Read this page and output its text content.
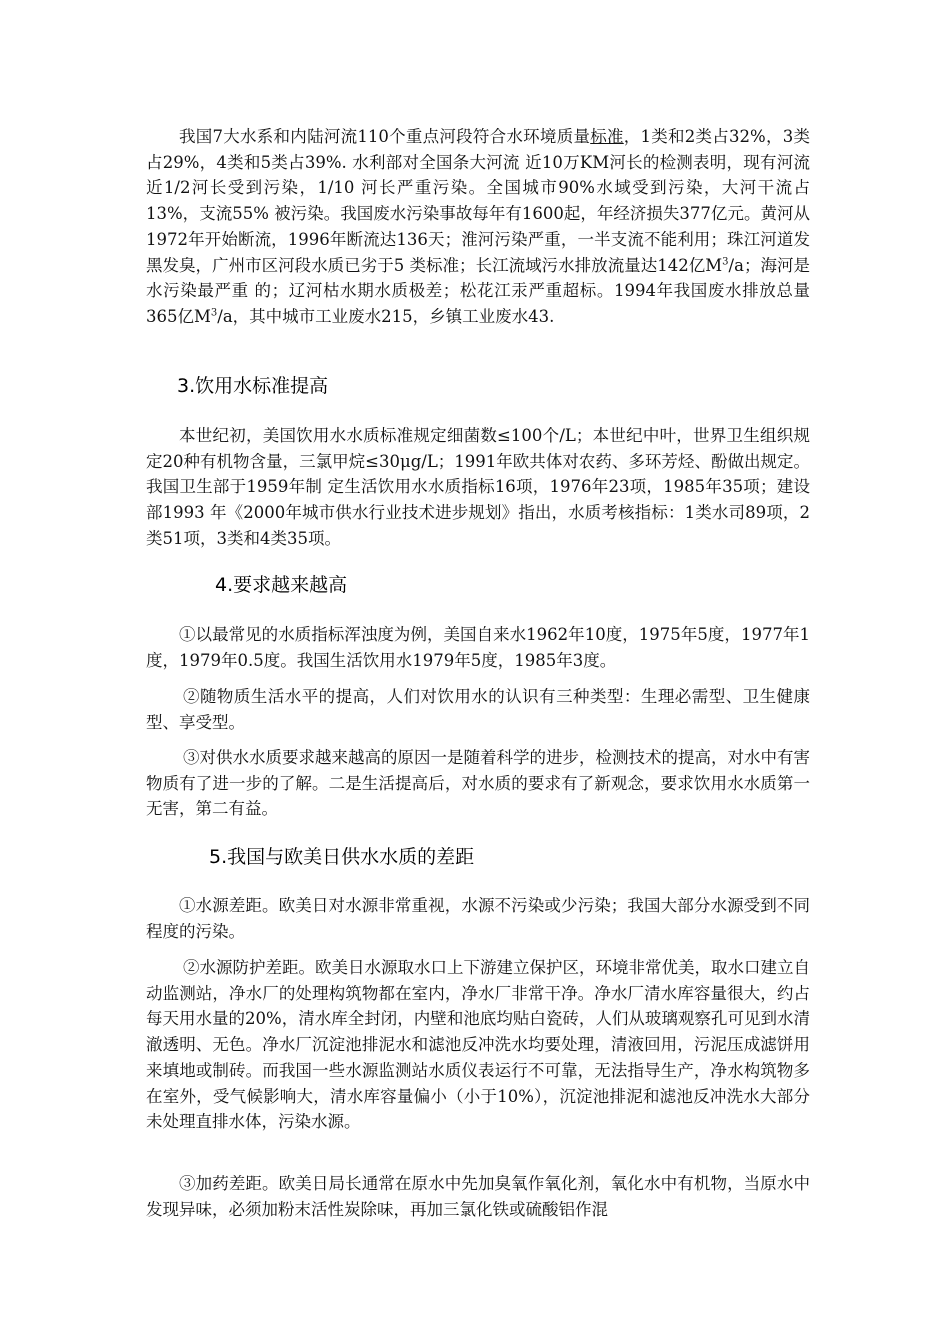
我国7大水系和内陆河流110个重点河段符合水环境质量标准，1类和2类占32%，3类占29%，4类和5类占39%. 水利部对全国条大河流 近10万KM河长的检测表明，现有河流近1/2河长受到污染，1/10 河长严重污染。全国城市90%水域受到污染，大河干流占13%，支流55% 被污染。我国废水污染事故每年有1600起，年经济损失377亿元。黄河从1972年开始断流，1996年断流达136天；淮河污染严重，一半支流不能利用；珠江河道发黑发臭，广州市区河段水质已劣于5 类标准；长江流域污水排放流量达142亿$M^3/a$；海河是水污染最严重 的；辽河枯水期水质极差；松花江汞严重超标。1994年我国废水排放总量365亿$M^3/a$，其中城市工业废水215，乡镇工业废水43.

3.饮用水标准提高

本世纪初，美国饮用水水质标准规定细菌数≤100个/L；本世纪中叶，世界卫生组织规定20种有机物含量，三氯甲烷≤30μg/L；1991年欧共体对农药、多环芳烃、酚做出规定。我国卫生部于1959年制 定生活饮用水水质指标16项，1976年23项，1985年35项；建设部1993 年《2000年城市供水行业技术进步规划》指出，水质考核指标：1类水司89项，2类51项，3类和4类35项。

4.要求越来越高

①以最常见的水质指标浑浊度为例，美国自来水1962年10度，1975年5度，1977年1度，1979年0.5度。我国生活饮用水1979年5度，1985年3度。

②随物质生活水平的提高，人们对饮用水的认识有三种类型：生理必需型、卫生健康型、享受型。

③对供水水质要求越来越高的原因一是随着科学的进步，检测技术的提高，对水中有害物质有了进一步的了解。二是生活提高后，对水质的要求有了新观念，要求饮用水水质第一无害，第二有益。

5.我国与欧美日供水水质的差距

①水源差距。欧美日对水源非常重视，水源不污染或少污染；我国大部分水源受到不同程度的污染。

②水源防护差距。欧美日水源取水口上下游建立保护区，环境非常优美，取水口建立自动监测站，净水厂的处理构筑物都在室内，净水厂非常干净。净水厂清水库容量很大，约占每天用水量的20%，清水库全封闭，内壁和池底均贴白瓷砖，人们从玻璃观察孔可见到水清澈透明、无色。净水厂沉淀池排泥水和滤池反冲洗水均要处理，清液回用，污泥压成滤饼用来填地或制砖。而我国一些水源监测站水质仪表运行不可靠，无法指导生产，净水构筑物多在室外，受气候影响大，清水库容量偏小（小于10%），沉淀池排泥和滤池反冲洗水大部分未处理直排水体，污染水源。

③加药差距。欧美日局长通常在原水中先加臭氧作氧化剂，氧化水中有机物，当原水中发现异味，必须加粉末活性炭除味，再加三氯化铁或硫酸铝作混
